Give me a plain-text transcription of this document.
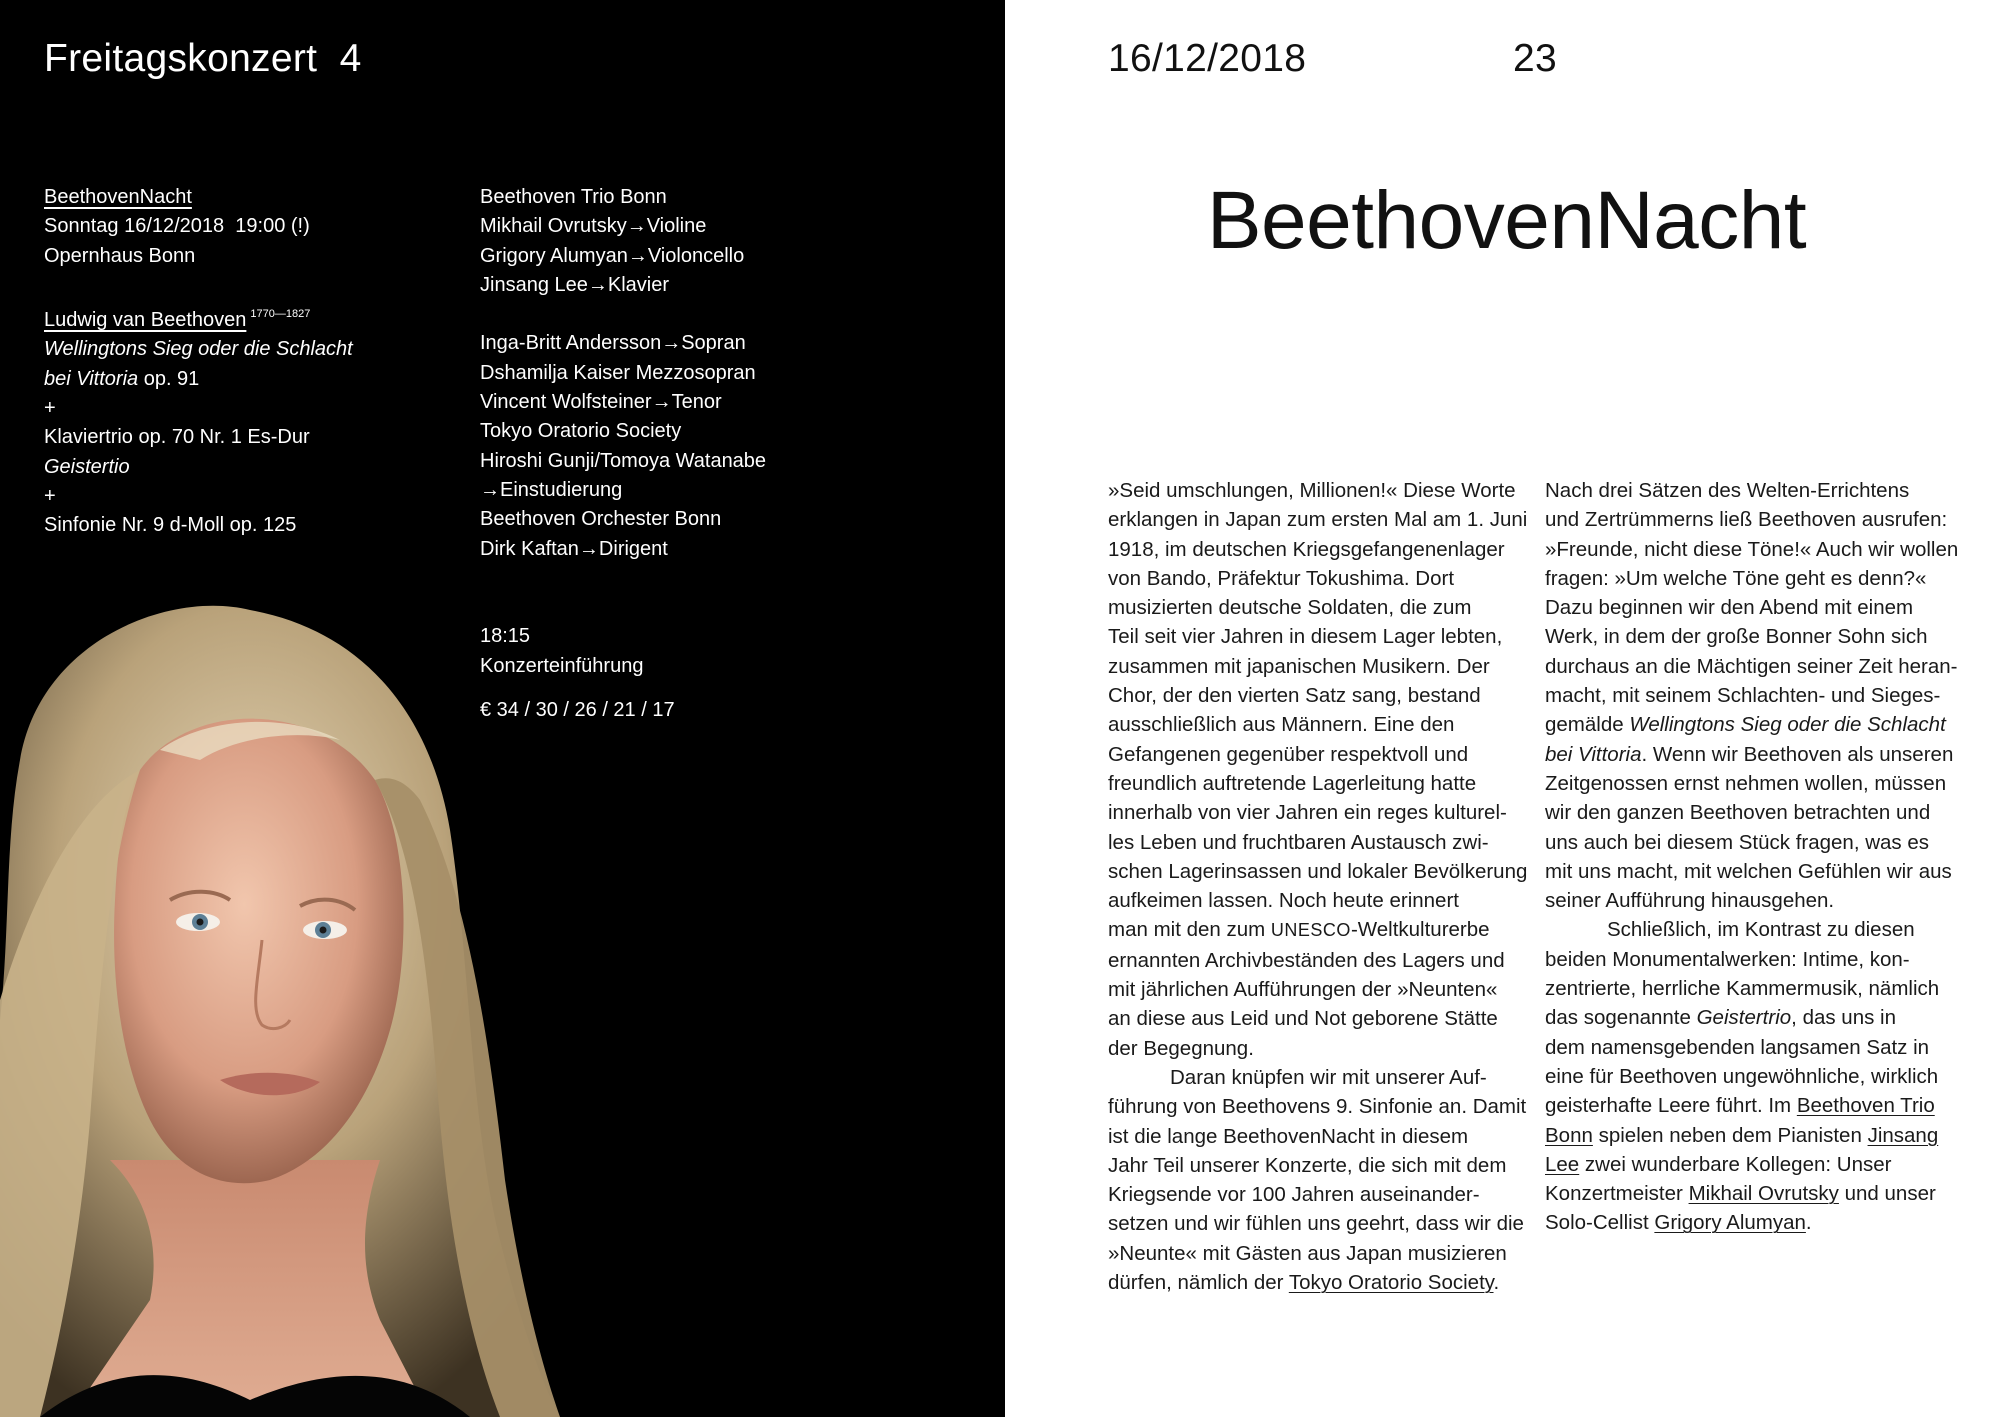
Freitagskonzert 4
BeethovenNacht
Sonntag 16/12/2018  19:00 (!)
Opernhaus Bonn
Ludwig van Beethoven $^{1770—1827}$
Wellingtons Sieg oder die Schlacht
bei Vittoria op. 91
+
Klaviertrio op. 70 Nr. 1 Es-Dur
Geistertio
+
Sinfonie Nr. 9 d-Moll op. 125
Beethoven Trio Bonn
Mikhail Ovrutsky→Violine
Grigory Alumyan→Violoncello
Jinsang Lee→Klavier
Inga-Britt Andersson→Sopran
Dshamilja Kaiser Mezzosopran
Vincent Wolfsteiner→Tenor
Tokyo Oratorio Society
Hiroshi Gunji/Tomoya Watanabe
→Einstudierung
Beethoven Orchester Bonn
Dirk Kaftan→Dirigent
18:15
Konzerteinführung
€ 34 / 30 / 26 / 21 / 17
16/12/2018	23
BeethovenNacht
»Seid umschlungen, Millionen!« Diese Worte
erklangen in Japan zum ersten Mal am 1. Juni
1918, im deutschen Kriegsgefangenenlager
von Bando, Präfektur Tokushima. Dort
musizierten deutsche Soldaten, die zum
Teil seit vier Jahren in diesem Lager lebten,
zusammen mit japanischen Musikern. Der
Chor, der den vierten Satz sang, bestand
ausschließlich aus Männern. Eine den
Gefangenen gegenüber respektvoll und
freundlich auftretende Lagerleitung hatte
innerhalb von vier Jahren ein reges kulturel-
les Leben und fruchtbaren Austausch zwi-
schen Lagerinsassen und lokaler Bevölkerung
aufkeimen lassen. Noch heute erinnert
man mit den zum UNESCO-Weltkulturerbe
ernannten Archivbeständen des Lagers und
mit jährlichen Aufführungen der »Neunten«
an diese aus Leid und Not geborene Stätte
der Begegnung.
Daran knüpfen wir mit unserer Auf-
führung von Beethovens 9. Sinfonie an. Damit
ist die lange BeethovenNacht in diesem
Jahr Teil unserer Konzerte, die sich mit dem
Kriegsende vor 100 Jahren auseinander-
setzen und wir fühlen uns geehrt, dass wir die
»Neunte« mit Gästen aus Japan musizieren
dürfen, nämlich der Tokyo Oratorio Society.
Nach drei Sätzen des Welten-Errichtens
und Zertrümmerns ließ Beethoven ausrufen:
»Freunde, nicht diese Töne!« Auch wir wollen
fragen: »Um welche Töne geht es denn?«
Dazu beginnen wir den Abend mit einem
Werk, in dem der große Bonner Sohn sich
durchaus an die Mächtigen seiner Zeit heran-
macht, mit seinem Schlachten- und Sieges-
gemälde Wellingtons Sieg oder die Schlacht
bei Vittoria. Wenn wir Beethoven als unseren
Zeitgenossen ernst nehmen wollen, müssen
wir den ganzen Beethoven betrachten und
uns auch bei diesem Stück fragen, was es
mit uns macht, mit welchen Gefühlen wir aus
seiner Aufführung hinausgehen.
Schließlich, im Kontrast zu diesen
beiden Monumentalwerken: Intime, kon-
zentrierte, herrliche Kammermusik, nämlich
das sogenannte Geistertrio, das uns in
dem namensgebenden langsamen Satz in
eine für Beethoven ungewöhnliche, wirklich
geisterhafte Leere führt. Im Beethoven Trio
Bonn spielen neben dem Pianisten Jinsang
Lee zwei wunderbare Kollegen: Unser
Konzertmeister Mikhail Ovrutsky und unser
Solo-Cellist Grigory Alumyan.
